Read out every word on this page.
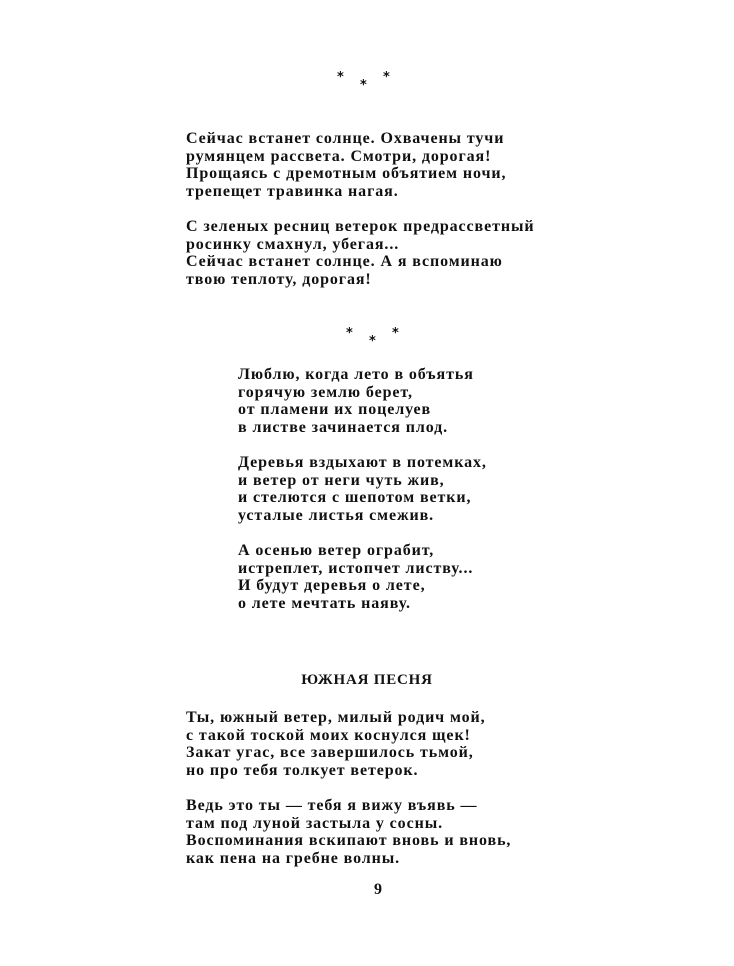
*
*
*
Сейчас встанет солнце. Охвачены тучи
румянцем рассвета. Смотри, дорогая!
Прощаясь с дремотным объятием ночи,
трепещет травинка нагая.
С зеленых ресниц ветерок предрассветный
росинку смахнул, убегая...
Сейчас встанет солнце. А я вспоминаю
твою теплоту, дорогая!
*
*
*
Люблю, когда лето в объятья
горячую землю берет,
от пламени их поцелуев
в листве зачинается плод.
Деревья вздыхают в потемках,
и ветер от неги чуть жив,
и стелются с шепотом ветки,
усталые листья смежив.
А осенью ветер ограбит,
истреплет, истопчет листву...
И будут деревья о лете,
о лете мечтать наяву.
ЮЖНАЯ ПЕСНЯ
Ты, южный ветер, милый родич мой,
с такой тоской моих коснулся щек!
Закат угас, все завершилось тьмой,
но про тебя толкует ветерок.
Ведь это ты — тебя я вижу въявь —
там под луной застыла у сосны.
Воспоминания вскипают вновь и вновь,
как пена на гребне волны.
9
